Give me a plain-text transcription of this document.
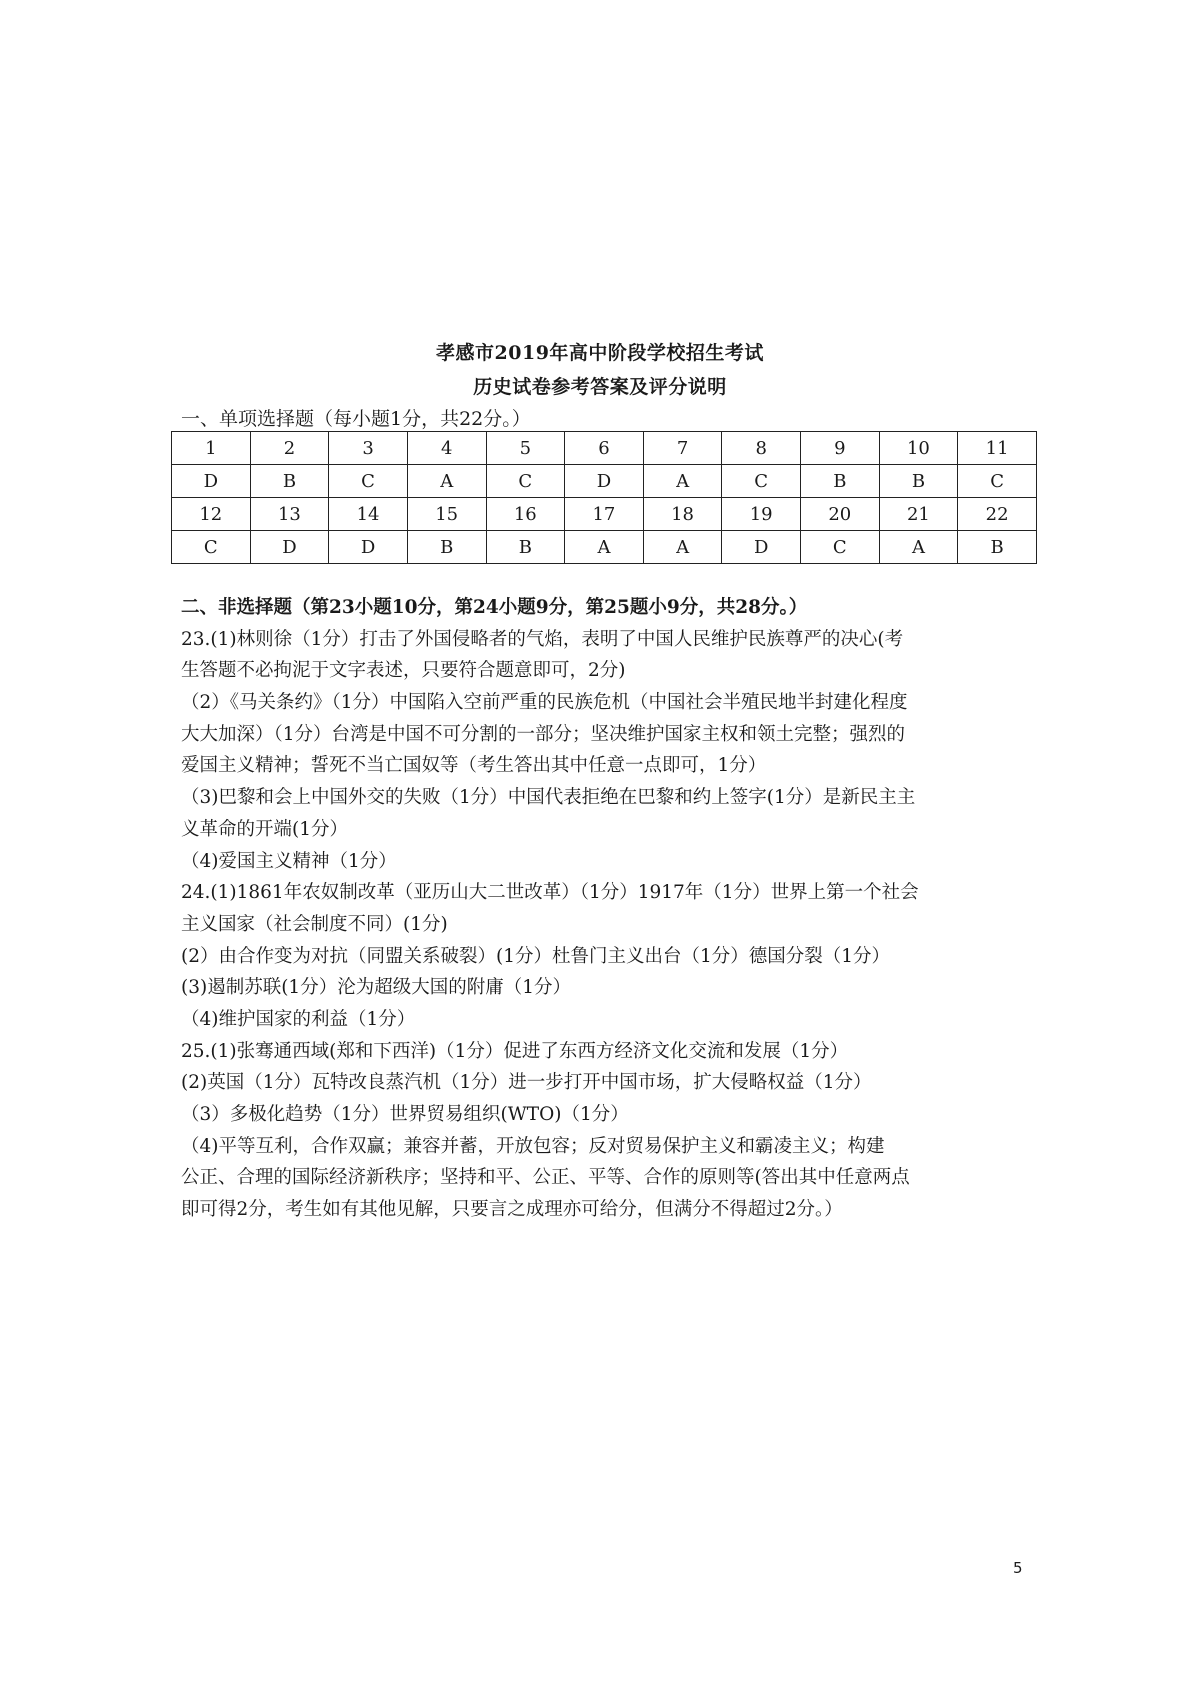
孝感市2019年高中阶段学校招生考试
历史试卷参考答案及评分说明
一、单项选择题（每小题1分，共22分。）
1	2	3	4	5	6	7	8	9	10	11
D	B	C	A	C	D	A	C	B	B	C
12	13	14	15	16	17	18	19	20	21	22
C	D	D	B	B	A	A	D	C	A	B
二、非选择题（第23小题10分，第24小题9分，第25题小9分，共28分。）
23.(1)林则徐（1分）打击了外国侵略者的气焰，表明了中国人民维护民族尊严的决心(考
生答题不必拘泥于文字表述，只要符合题意即可，2分)
（2）《马关条约》（1分）中国陷入空前严重的民族危机（中国社会半殖民地半封建化程度
大大加深）（1分）台湾是中国不可分割的一部分；坚决维护国家主权和领土完整；强烈的
爱国主义精神；誓死不当亡国奴等（考生答出其中任意一点即可，1分）
（3)巴黎和会上中国外交的失败（1分）中国代表拒绝在巴黎和约上签字(1分）是新民主主
义革命的开端(1分）
（4)爱国主义精神（1分）
24.(1)1861年农奴制改革（亚历山大二世改革）（1分）1917年（1分）世界上第一个社会
主义国家（社会制度不同）(1分)
(2）由合作变为对抗（同盟关系破裂）(1分）杜鲁门主义出台（1分）德国分裂（1分）
(3)遏制苏联(1分）沦为超级大国的附庸（1分）
（4)维护国家的利益（1分）
25.(1)张骞通西域(郑和下西洋)（1分）促进了东西方经济文化交流和发展（1分）
(2)英国（1分）瓦特改良蒸汽机（1分）进一步打开中国市场，扩大侵略权益（1分）
（3）多极化趋势（1分）世界贸易组织(WTO)（1分）
（4)平等互利，合作双赢；兼容并蓄，开放包容；反对贸易保护主义和霸凌主义；构建
公正、合理的国际经济新秩序；坚持和平、公正、平等、合作的原则等(答出其中任意两点
即可得2分，考生如有其他见解，只要言之成理亦可给分，但满分不得超过2分。）
5
